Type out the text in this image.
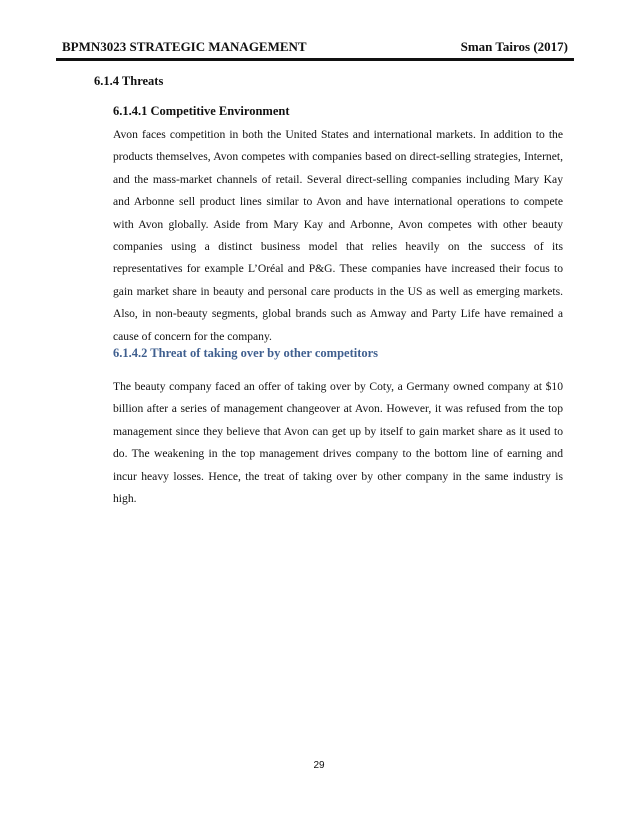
BPMN3023 STRATEGIC MANAGEMENT	Sman Tairos (2017)
6.1.4 Threats
6.1.4.1 Competitive Environment
Avon faces competition in both the United States and international markets. In addition to the products themselves, Avon competes with companies based on direct-selling strategies, Internet, and the mass-market channels of retail. Several direct-selling companies including Mary Kay and Arbonne sell product lines similar to Avon and have international operations to compete with Avon globally. Aside from Mary Kay and Arbonne, Avon competes with other beauty companies using a distinct business model that relies heavily on the success of its representatives for example L’Oréal and P&G. These companies have increased their focus to gain market share in beauty and personal care products in the US as well as emerging markets. Also, in non-beauty segments, global brands such as Amway and Party Life have remained a cause of concern for the company.
6.1.4.2 Threat of taking over by other competitors
The beauty company faced an offer of taking over by Coty, a Germany owned company at $10 billion after a series of management changeover at Avon. However, it was refused from the top management since they believe that Avon can get up by itself to gain market share as it used to do. The weakening in the top management drives company to the bottom line of earning and incur heavy losses. Hence, the treat of taking over by other company in the same industry is high.
29
